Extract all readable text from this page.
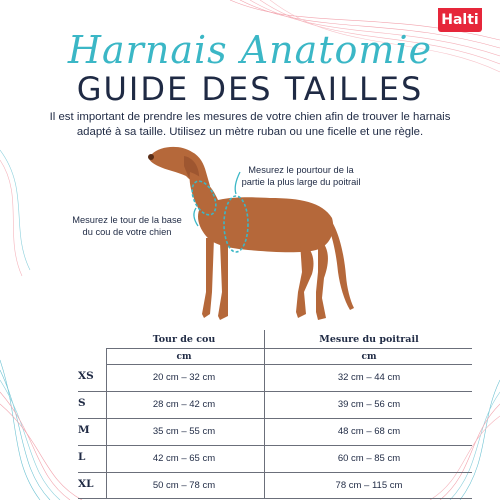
Halti
Harnais Anatomie
GUIDE DES TAILLES
Il est important de prendre les mesures de votre chien afin de trouver le harnais
adapté à sa taille. Utilisez un mètre ruban ou une ficelle et une règle.
Mesurez le pourtour de la
partie la plus large du poitrail
Mesurez le tour de la base
du cou de votre chien
Tour de cou	Mesure du poitrail
cm	cm
XS	20 cm – 32 cm	32 cm – 44 cm
S	28 cm – 42 cm	39 cm – 56 cm
M	35 cm – 55 cm	48 cm – 68 cm
L	42 cm – 65 cm	60 cm – 85 cm
XL	50 cm – 78 cm	78 cm – 115 cm
